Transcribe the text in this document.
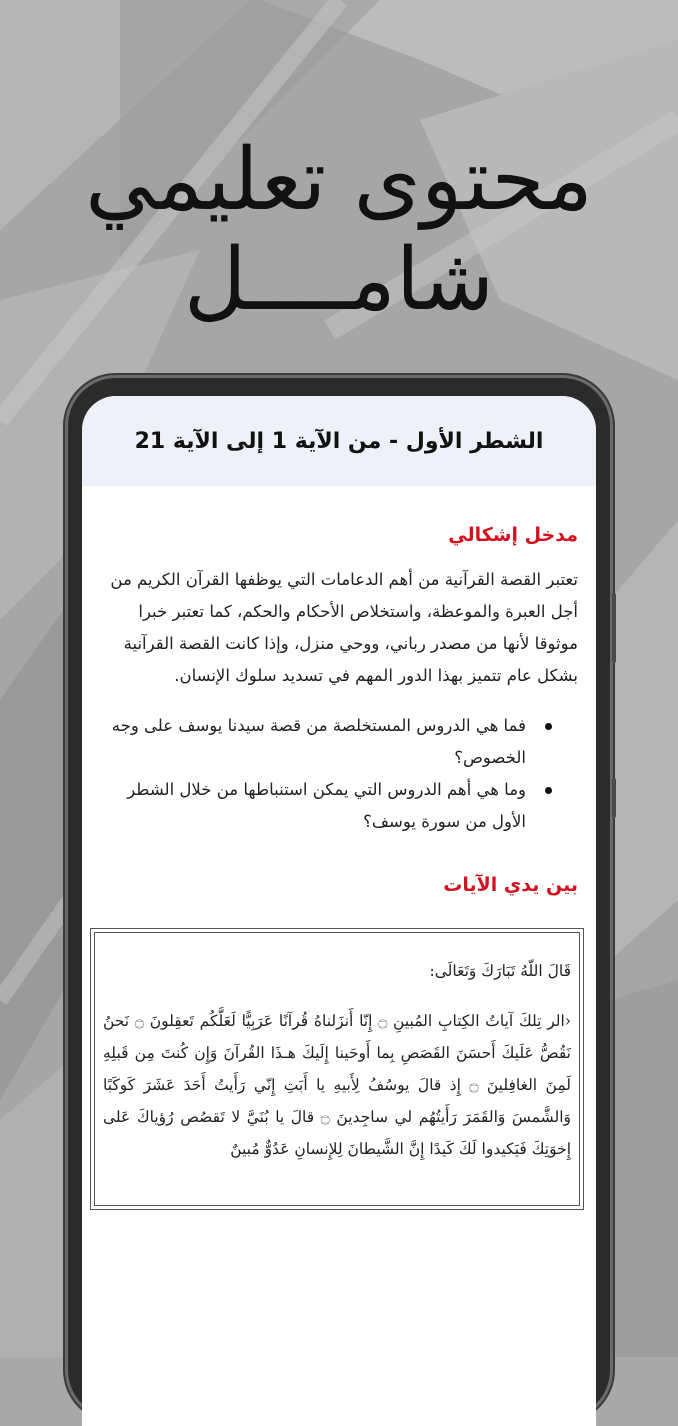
محتوى تعليمي
شامــــل
الشطر الأول - من الآية 1 إلى الآية 21
مدخل إشكالي

تعتبر القصة القرآنية من أهم الدعامات التي يوظفها القرآن الكريم من أجل العبرة والموعظة، واستخلاص الأحكام والحكم، كما تعتبر خبرا موثوقا لأنها من مصدر رباني، ووحي منزل، وإذا كانت القصة القرآنية بشكل عام تتميز بهذا الدور المهم في تسديد سلوك الإنسان.

فما هي الدروس المستخلصة من قصة سيدنا يوسف على وجه الخصوص؟
وما هي أهم الدروس التي يمكن استنباطها من خلال الشطر الأول من سورة يوسف؟
بين يدي الآيات
قَالَ اللّهُ تَبَارَكَ وَتَعَالَى:
‹الر تِلكَ آياتُ الكِتابِ المُبينِ ۝ إِنّا أَنزَلناهُ قُرآنًا عَرَبِيًّا لَعَلَّكُم تَعقِلونَ ۝ نَحنُ نَقُصُّ عَلَيكَ أَحسَنَ القَصَصِ بِما أَوحَينا إِلَيكَ هـذَا القُرآنَ وَإِن كُنتَ مِن قَبلِهِ لَمِنَ الغافِلينَ ۝ إِذ قالَ يوسُفُ لِأَبيهِ يا أَبَتِ إِنّي رَأَيتُ أَحَدَ عَشَرَ كَوكَبًا وَالشَّمسَ وَالقَمَرَ رَأَيتُهُم لي ساجِدينَ ۝ قالَ يا بُنَيَّ لا تَقصُص رُؤياكَ عَلى إِخوَتِكَ فَيَكيدوا لَكَ كَيدًا إِنَّ الشَّيطانَ لِلإِنسانِ عَدُوٌّ مُبينٌ
